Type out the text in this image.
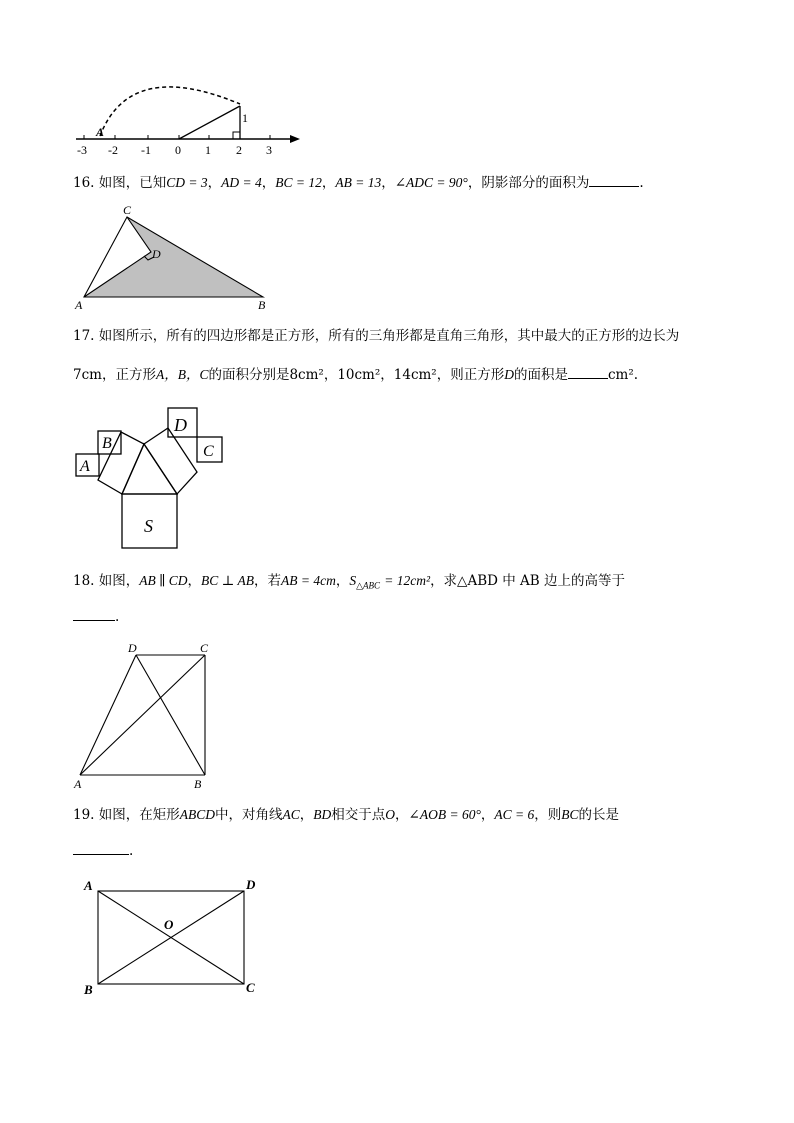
A
1
-3 -2 -1 0 1 2 3
16. 如图，已知CD = 3，AD = 4，BC = 12，AB = 13，∠ADC = 90°，阴影部分的面积为	.
C
D
A	B
17. 如图所示，所有的四边形都是正方形，所有的三角形都是直角三角形，其中最大的正方形的边长为
7cm，正方形A，B，C的面积分别是8cm²，10cm²，14cm²，则正方形D的面积是	cm².
A
B
D
C
S
18. 如图，AB ∥ CD，BC ⊥ AB，若AB = 4cm，$S_{\triangle ABC} = 12cm^2$，求△ABD 中 AB 边上的高等于
.
D	C
A	B
19. 如图，在矩形ABCD中，对角线AC，BD相交于点O，∠AOB = 60°，AC = 6，则BC的长是
.
A	D
O
B	C
